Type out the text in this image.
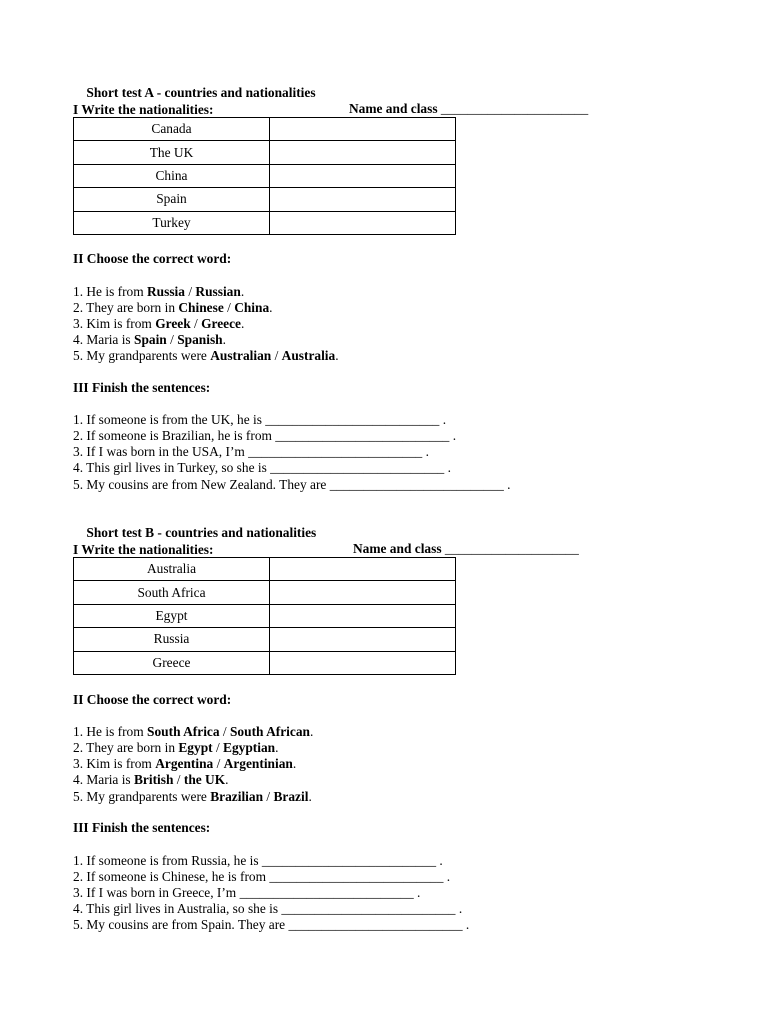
Short test A - countries and nationalities

Name and class ______________________

I Write the nationalities:
Canada	
The UK	
China	
Spain	
Turkey	
II Choose the correct word:
1. He is from Russia / Russian.
2. They are born in Chinese / China.
3. Kim is from Greek / Greece.
4. Maria is Spain / Spanish.
5. My grandparents were Australian / Australia.
III Finish the sentences:
1. If someone is from the UK, he is __________________________ .
2. If someone is Brazilian, he is from __________________________ .
3. If I was born in the USA, I’m __________________________ .
4. This girl lives in Turkey, so she is __________________________ .
5. My cousins are from New Zealand. They are __________________________ .

Short test B - countries and nationalities

Name and class ____________________

I Write the nationalities:
Australia	
South Africa	
Egypt	
Russia	
Greece	
II Choose the correct word:
1. He is from South Africa / South African.
2. They are born in Egypt / Egyptian.
3. Kim is from Argentina / Argentinian.
4. Maria is British / the UK.
5. My grandparents were Brazilian / Brazil.
III Finish the sentences:
1. If someone is from Russia, he is __________________________ .
2. If someone is Chinese, he is from __________________________ .
3. If I was born in Greece, I’m __________________________ .
4. This girl lives in Australia, so she is __________________________ .
5. My cousins are from Spain. They are __________________________ .
